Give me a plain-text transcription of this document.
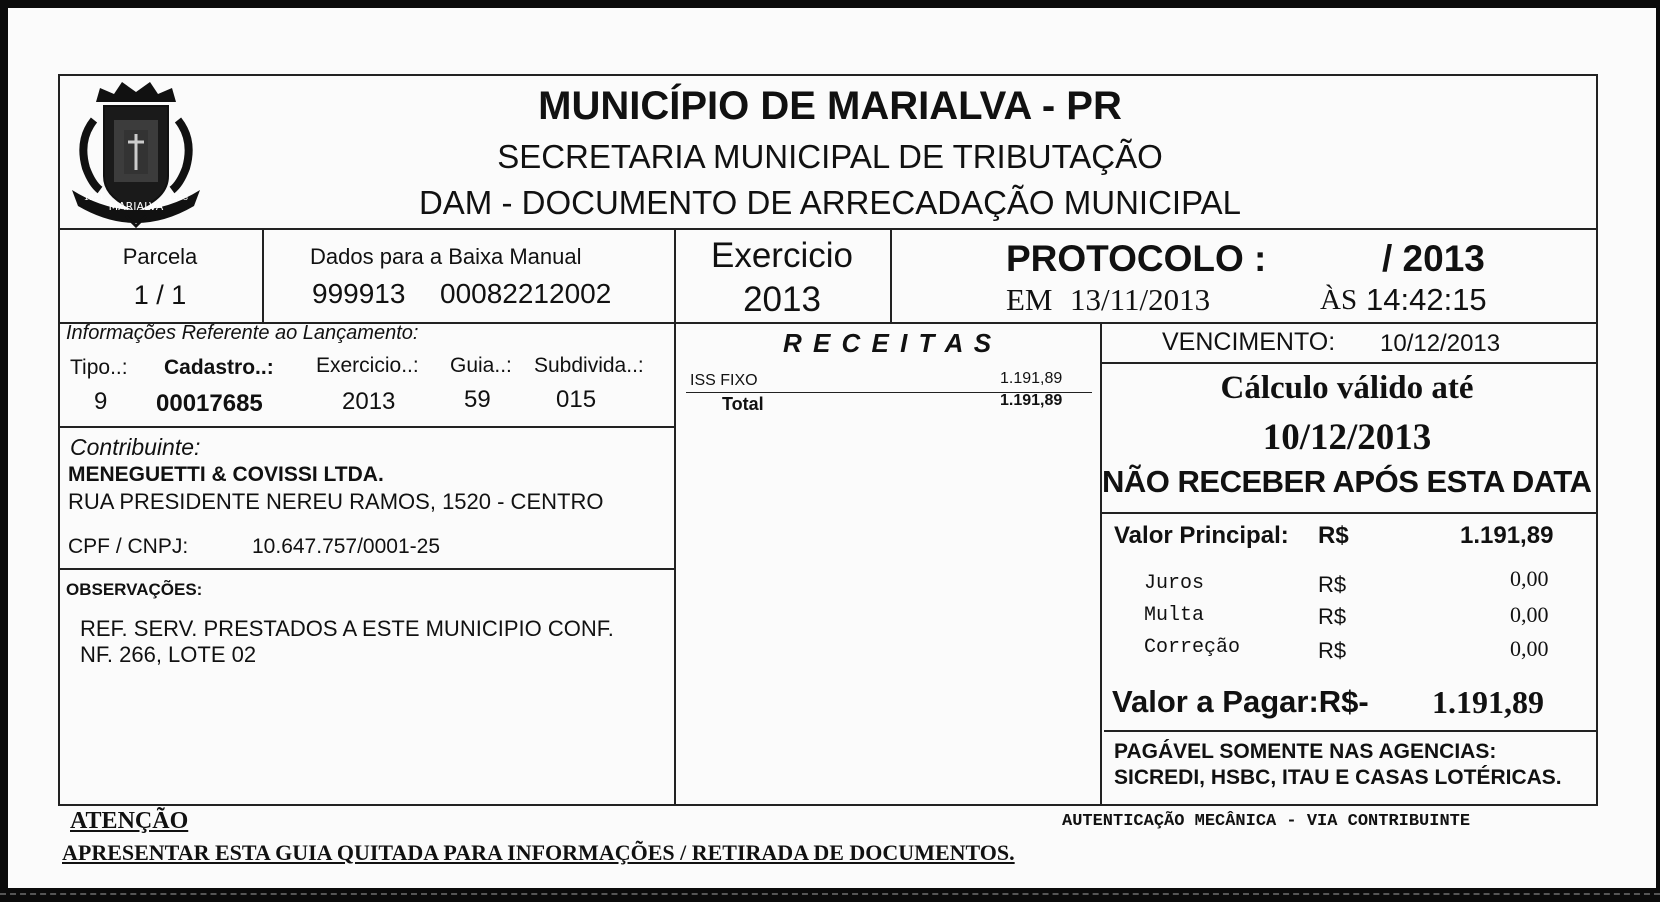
MARIALVA
1951	1953
MUNICÍPIO DE MARIALVA - PR
SECRETARIA MUNICIPAL DE TRIBUTAÇÃO
DAM - DOCUMENTO DE ARRECADAÇÃO MUNICIPAL
Parcela
1 / 1
Dados para a Baixa Manual
999913 00082212002
Exercicio
2013
PROTOCOLO :	/ 2013
EM 13/11/2013	ÀS 14:42:15
Informações Referente ao Lançamento:
Tipo..: Cadastro..: Exercicio..: Guia..: Subdivida..:
9 00017685	2013	59	015
R E C E I T A S
ISS FIXO	1.191,89
Total	1.191,89
VENCIMENTO: 10/12/2013
Cálculo válido até
10/12/2013
NÃO RECEBER APÓS ESTA DATA
Contribuinte:
MENEGUETTI & COVISSI LTDA.
RUA PRESIDENTE NEREU RAMOS, 1520 - CENTRO
CPF / CNPJ:	10.647.757/0001-25
OBSERVAÇÕES:
REF. SERV. PRESTADOS A ESTE MUNICIPIO CONF.
NF. 266, LOTE 02
Valor Principal: R$	1.191,89
Juros	R$	0,00
Multa	R$	0,00
Correção	R$	0,00
Valor a Pagar:R$- 1.191,89
PAGÁVEL SOMENTE NAS AGENCIAS:
SICREDI, HSBC, ITAU E CASAS LOTÉRICAS.
ATENÇÃO
APRESENTAR ESTA GUIA QUITADA PARA INFORMAÇÕES / RETIRADA DE DOCUMENTOS.
AUTENTICAÇÃO MECÂNICA - VIA CONTRIBUINTE
